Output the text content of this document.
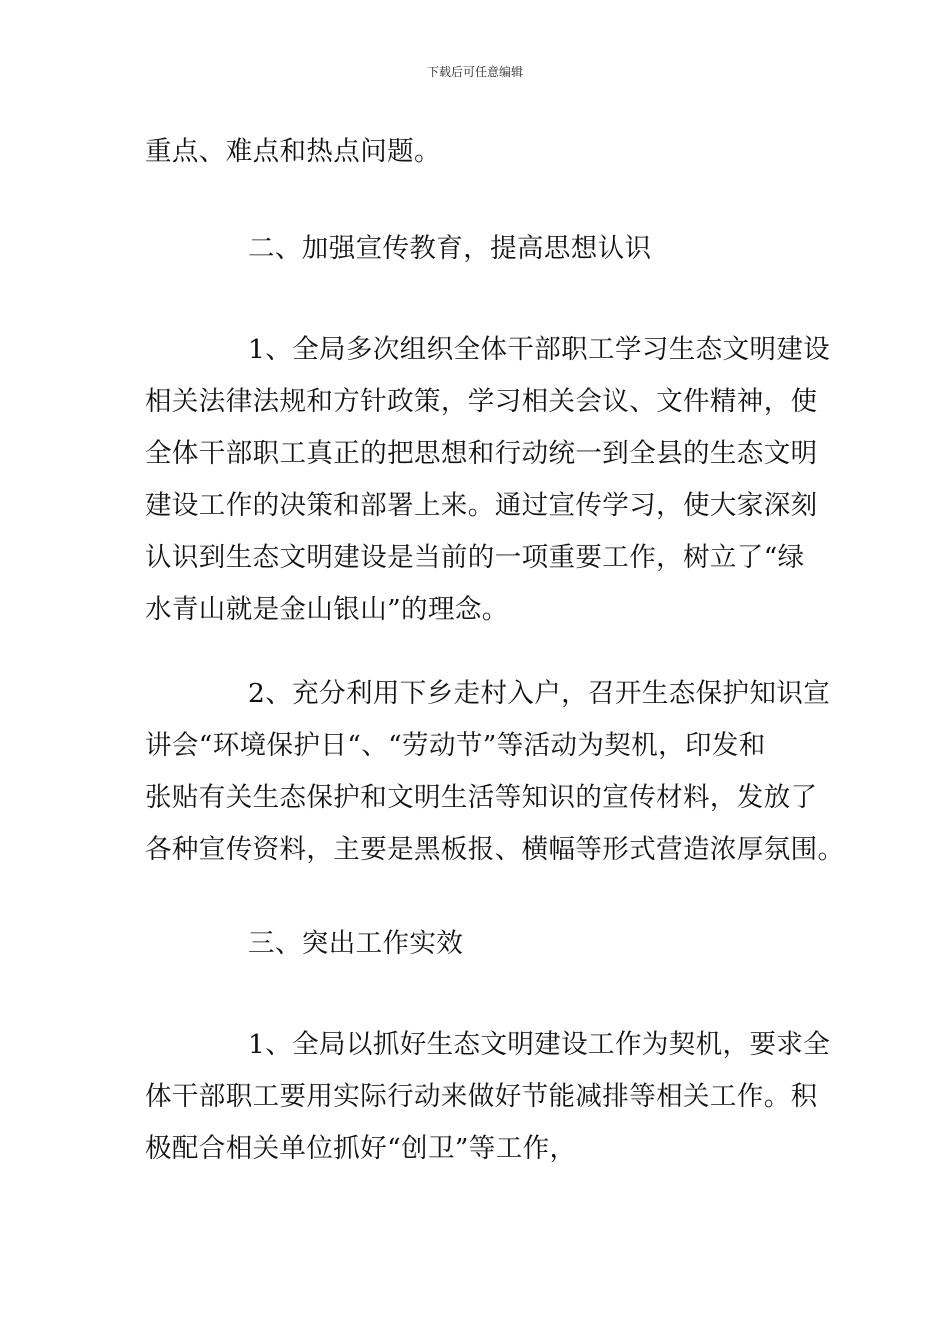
下载后可任意编辑

重点、难点和热点问题。

二、加强宣传教育，提高思想认识

1、全局多次组织全体干部职工学习生态文明建设
相关法律法规和方针政策，学习相关会议、文件精神，使
全体干部职工真正的把思想和行动统一到全县的生态文明
建设工作的决策和部署上来。通过宣传学习，使大家深刻
认识到生态文明建设是当前的一项重要工作，树立了“绿
水青山就是金山银山”的理念。

2、充分利用下乡走村入户，召开生态保护知识宣
讲会“环境保护日“、“劳动节”等活动为契机，印发和
张贴有关生态保护和文明生活等知识的宣传材料，发放了
各种宣传资料，主要是黑板报、横幅等形式营造浓厚氛围。

三、突出工作实效

1、全局以抓好生态文明建设工作为契机，要求全
体干部职工要用实际行动来做好节能减排等相关工作。积
极配合相关单位抓好“创卫”等工作，
